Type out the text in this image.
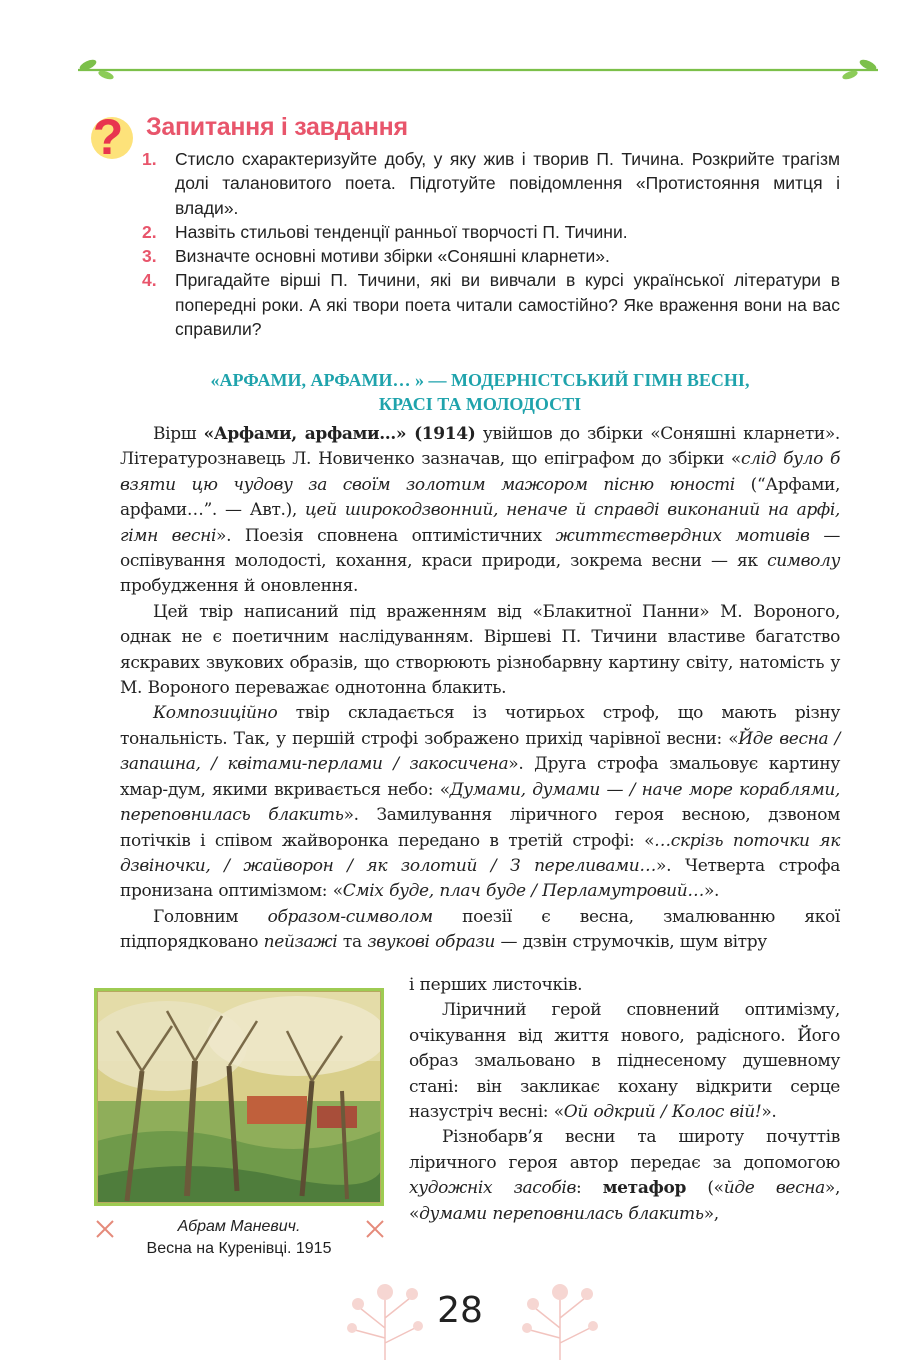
? Запитання і завдання
1. Стисло схарактеризуйте добу, у яку жив і творив П. Тичина. Розкрийте трагізм долі талановитого поета. Підготуйте повідомлення «Протистояння митця і влади».
2. Назвіть стильові тенденції ранньої творчості П. Тичини.
3. Визначте основні мотиви збірки «Соняшні кларнети».
4. Пригадайте вірші П. Тичини, які ви вивчали в курсі української літератури в попередні роки. А які твори поета читали самостійно? Яке враження вони на вас справили?
«АРФАМИ, АРФАМИ… » — МОДЕРНІСТСЬКИЙ ГІМН ВЕСНІ,
КРАСІ ТА МОЛОДОСТІ

Вірш «Арфами, арфами…» (1914) увійшов до збірки «Соняшні кларнети». Літературознавець Л. Новиченко зазначав, що епіграфом до збірки «слід було б взяти цю чудову за своїм золотим мажором пісню юності (“Арфами, арфами…”. — Авт.), цей широкодзвонний, неначе й справді виконаний на арфі, гімн весні». Поезія сповнена оптимістичних життєствердних мотивів — оспівування молодості, кохання, краси природи, зокрема весни — як символу пробудження й оновлення.

Цей твір написаний під враженням від «Блакитної Панни» М. Вороного, однак не є поетичним наслідуванням. Віршеві П. Тичини властиве багатство яскравих звукових образів, що створюють різнобарвну картину світу, натомість у М. Вороного переважає однотонна блакить.

Композиційно твір складається із чотирьох строф, що мають різну тональність. Так, у першій строфі зображено прихід чарівної весни: «Йде весна / запашна, / квітами-перлами / закосичена». Друга строфа змальовує картину хмар-дум, якими вкривається небо: «Думами, думами — / наче море кораблями, переповнилась блакить». Замилування ліричного героя весною, дзвоном потічків і співом жайворонка передано в третій строфі: «…скрізь поточки як дзвіночки, / жайворон / як золотий / З переливами…». Четверта строфа пронизана оптимізмом: «Сміх буде, плач буде / Перламутровий…».

Головним образом-символом поезії є весна, змалюванню якої підпорядковано пейзажі та звукові образи — дзвін струмочків, шум вітру

і перших листочків.

Ліричний герой сповнений оптимізму, очікування від життя нового, радісного. Його образ змальовано в піднесеному душевному стані: він закликає кохану відкрити серце назустріч весні: «Ой одкрий / Колос вій!».

Різнобарв’я весни та широту почуттів ліричного героя автор передає за допомогою художніх засобів: метафор («йде весна», «думами переповнилась блакить»,

Абрам Маневич.
Весна на Куренівці. 1915
28
